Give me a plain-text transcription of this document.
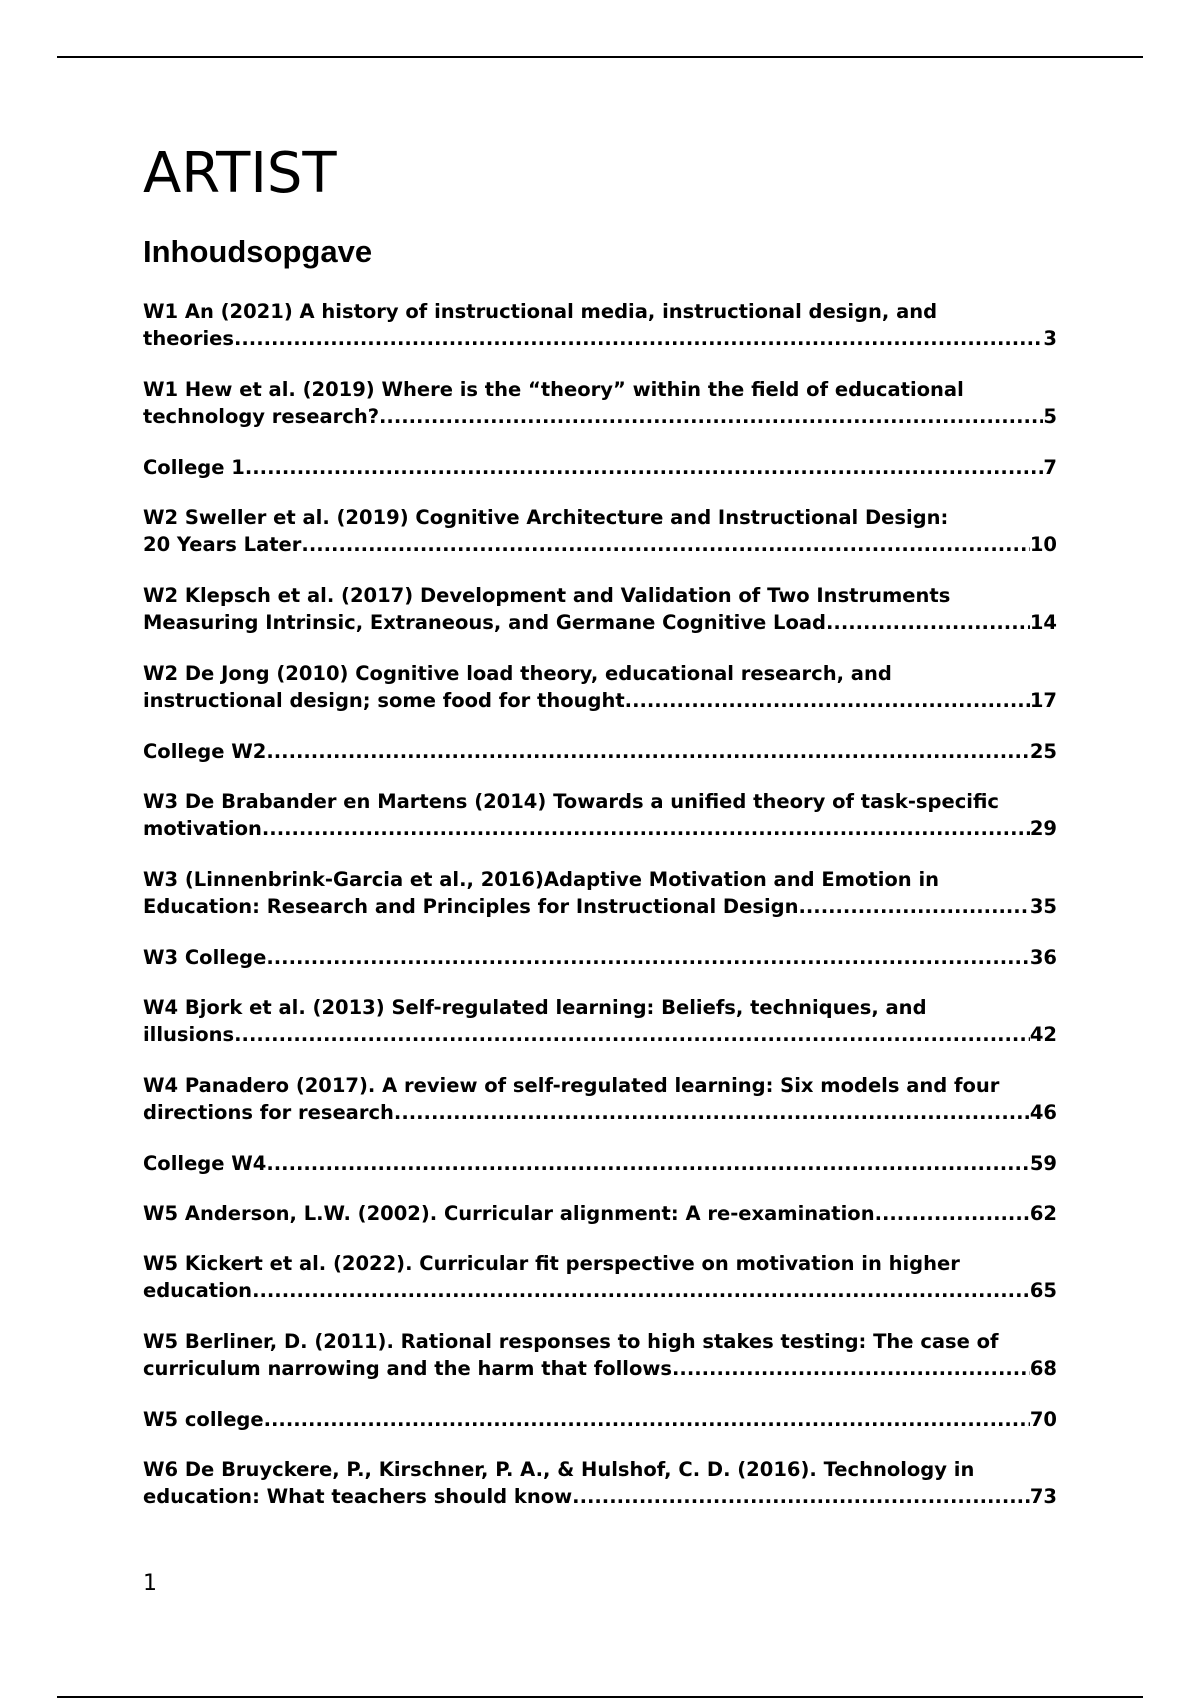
ARTIST
Inhoudsopgave
W1 An (2021) A history of instructional media, instructional design, and
theories .....	3
W1 Hew et al. (2019) Where is the “theory” within the field of educational
technology research? .....	5
College 1 .....	7
W2 Sweller et al. (2019) Cognitive Architecture and Instructional Design:
20 Years Later .....	10
W2 Klepsch et al. (2017) Development and Validation of Two Instruments
Measuring Intrinsic, Extraneous, and Germane Cognitive Load .....	14
W2 De Jong (2010) Cognitive load theory, educational research, and
instructional design; some food for thought. .....	17
College W2 .....	25
W3 De Brabander en Martens (2014) Towards a unified theory of task-specific
motivation .....	29
W3 (Linnenbrink-Garcia et al., 2016)Adaptive Motivation and Emotion in
Education: Research and Principles for Instructional Design .....	35
W3 College .....	36
W4 Bjork et al. (2013) Self-regulated learning: Beliefs, techniques, and
illusions .....	42
W4 Panadero (2017). A review of self-regulated learning: Six models and four
directions for research .....	46
College W4 .....	59
W5 Anderson, L.W. (2002). Curricular alignment: A re-examination .....	62
W5 Kickert et al. (2022). Curricular fit perspective on motivation in higher
education .....	65
W5 Berliner, D. (2011). Rational responses to high stakes testing: The case of
curriculum narrowing and the harm that follows .....	68
W5 college .....	70
W6 De Bruyckere, P., Kirschner, P. A., & Hulshof, C. D. (2016). Technology in
education: What teachers should know .....	73
1
